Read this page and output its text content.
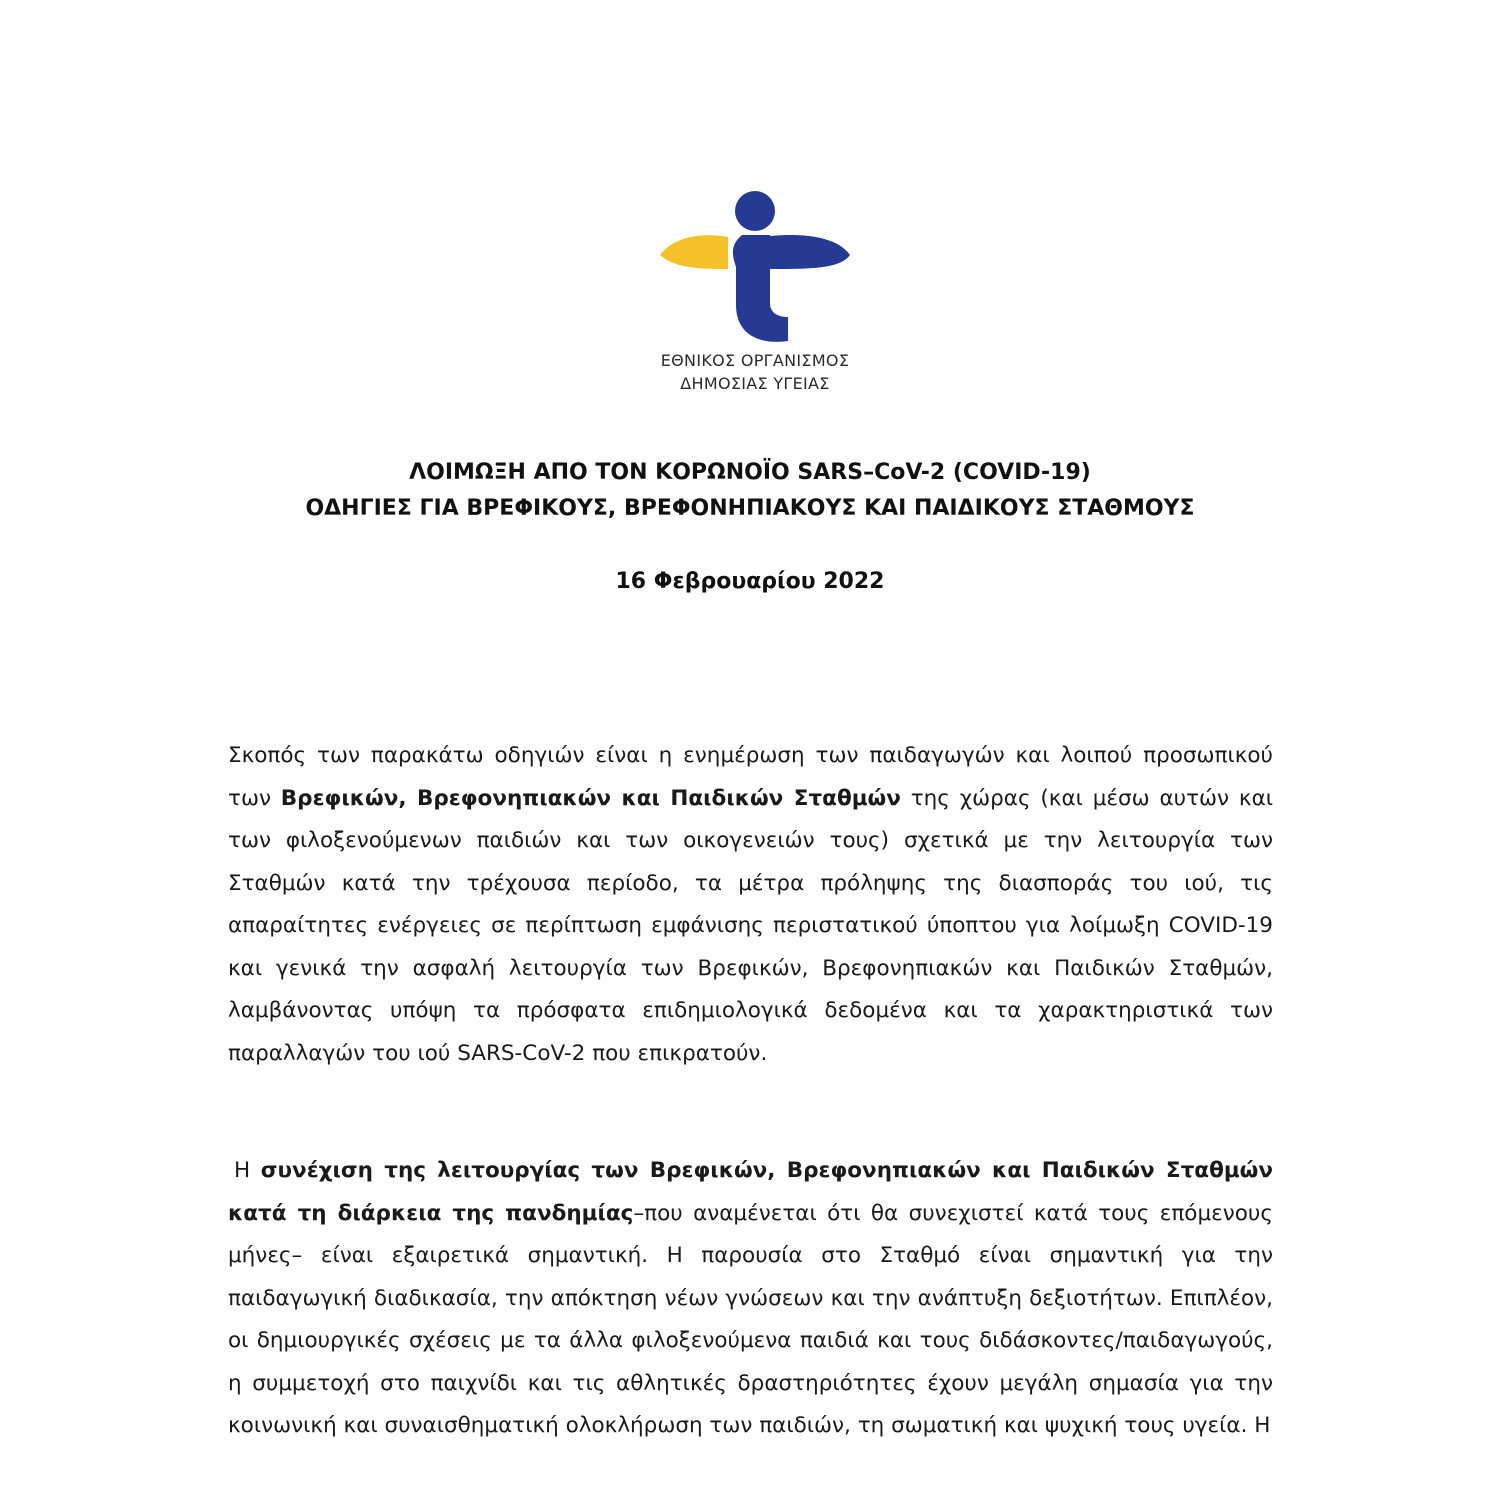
ΕΘΝΙΚΟΣ ΟΡΓΑΝΙΣΜΟΣ
ΔΗΜΟΣΙΑΣ ΥΓΕΙΑΣ
ΛΟΙΜΩΞΗ ΑΠΟ ΤΟΝ ΚΟΡΩΝΟΪΟ SARS–CoV-2 (COVID-19)
ΟΔΗΓΙΕΣ ΓΙΑ ΒΡΕΦΙΚΟΥΣ, ΒΡΕΦΟΝΗΠΙΑΚΟΥΣ ΚΑΙ ΠΑΙΔΙΚΟΥΣ ΣΤΑΘΜΟΥΣ
16 Φεβρουαρίου 2022

Σκοπός των παρακάτω οδηγιών είναι η ενημέρωση των παιδαγωγών και λοιπού προσωπικού των Βρεφικών, Βρεφονηπιακών και Παιδικών Σταθμών της χώρας (και μέσω αυτών και των φιλοξενούμενων παιδιών και των οικογενειών τους) σχετικά με την λειτουργία των Σταθμών κατά την τρέχουσα περίοδο, τα μέτρα πρόληψης της διασποράς του ιού, τις απαραίτητες ενέργειες σε περίπτωση εμφάνισης περιστατικού ύποπτου για λοίμωξη COVID-19 και γενικά την ασφαλή λειτουργία των Βρεφικών, Βρεφονηπιακών και Παιδικών Σταθμών, λαμβάνοντας υπόψη τα πρόσφατα επιδημιολογικά δεδομένα και τα χαρακτηριστικά των παραλλαγών του ιού SARS-CoV-2 που επικρατούν.

Η συνέχιση της λειτουργίας των Βρεφικών, Βρεφονηπιακών και Παιδικών Σταθμών κατά τη διάρκεια της πανδημίας–που αναμένεται ότι θα συνεχιστεί κατά τους επόμενους μήνες– είναι εξαιρετικά σημαντική. Η παρουσία στο Σταθμό είναι σημαντική για την παιδαγωγική διαδικασία, την απόκτηση νέων γνώσεων και την ανάπτυξη δεξιοτήτων. Επιπλέον, οι δημιουργικές σχέσεις με τα άλλα φιλοξενούμενα παιδιά και τους διδάσκοντες/παιδαγωγούς, η συμμετοχή στο παιχνίδι και τις αθλητικές δραστηριότητες έχουν μεγάλη σημασία για την κοινωνική και συναισθηματική ολοκλήρωση των παιδιών, τη σωματική και ψυχική τους υγεία. Η
